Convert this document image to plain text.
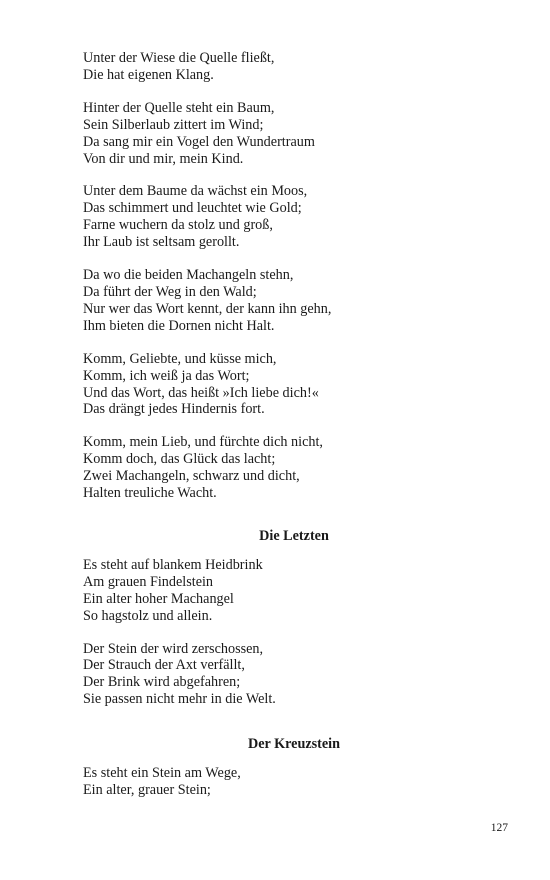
Unter der Wiese die Quelle fließt,
Die hat eigenen Klang.
Hinter der Quelle steht ein Baum,
Sein Silberlaub zittert im Wind;
Da sang mir ein Vogel den Wundertraum
Von dir und mir, mein Kind.
Unter dem Baume da wächst ein Moos,
Das schimmert und leuchtet wie Gold;
Farne wuchern da stolz und groß,
Ihr Laub ist seltsam gerollt.
Da wo die beiden Machangeln stehn,
Da führt der Weg in den Wald;
Nur wer das Wort kennt, der kann ihn gehn,
Ihm bieten die Dornen nicht Halt.
Komm, Geliebte, und küsse mich,
Komm, ich weiß ja das Wort;
Und das Wort, das heißt »Ich liebe dich!«
Das drängt jedes Hindernis fort.
Komm, mein Lieb, und fürchte dich nicht,
Komm doch, das Glück das lacht;
Zwei Machangeln, schwarz und dicht,
Halten treuliche Wacht.
Die Letzten
Es steht auf blankem Heidbrink
Am grauen Findelstein
Ein alter hoher Machangel
So hagstolz und allein.
Der Stein der wird zerschossen,
Der Strauch der Axt verfällt,
Der Brink wird abgefahren;
Sie passen nicht mehr in die Welt.
Der Kreuzstein
Es steht ein Stein am Wege,
Ein alter, grauer Stein;
127
